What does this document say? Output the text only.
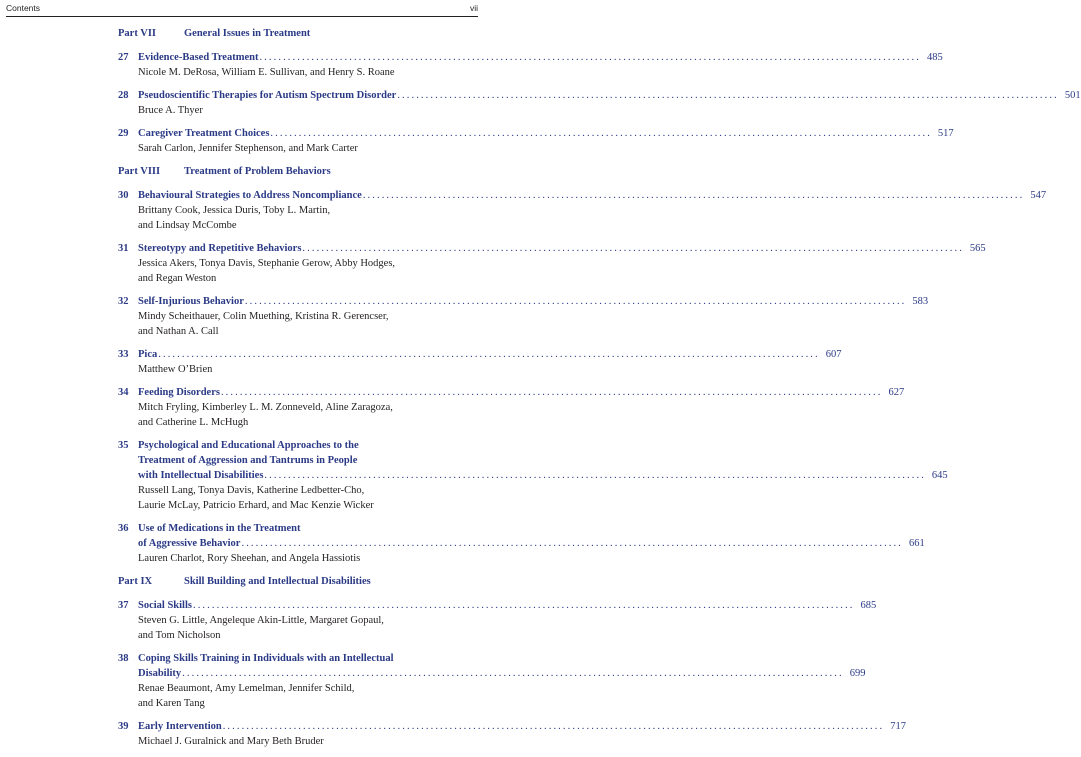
Contents	vii
Part VII	General Issues in Treatment
27 Evidence-Based Treatment ............................................................................................................................................ 485
Nicole M. DeRosa, William E. Sullivan, and Henry S. Roane
28 Pseudoscientific Therapies for Autism Spectrum Disorder ............................................................................................................................................ 501
Bruce A. Thyer
29 Caregiver Treatment Choices ............................................................................................................................................ 517
Sarah Carlon, Jennifer Stephenson, and Mark Carter
Part VIII Treatment of Problem Behaviors
30 Behavioural Strategies to Address Noncompliance ............................................................................................................................................ 547
Brittany Cook, Jessica Duris, Toby L. Martin,
and Lindsay McCombe
31 Stereotypy and Repetitive Behaviors ............................................................................................................................................ 565
Jessica Akers, Tonya Davis, Stephanie Gerow, Abby Hodges,
and Regan Weston
32 Self-Injurious Behavior ............................................................................................................................................ 583
Mindy Scheithauer, Colin Muething, Kristina R. Gerencser,
and Nathan A. Call
33 Pica ............................................................................................................................................ 607
Matthew O’Brien
34 Feeding Disorders ............................................................................................................................................ 627
Mitch Fryling, Kimberley L. M. Zonneveld, Aline Zaragoza,
and Catherine L. McHugh
35 Psychological and Educational Approaches to the
Treatment of Aggression and Tantrums in People
with Intellectual Disabilities ............................................................................................................................................ 645
Russell Lang, Tonya Davis, Katherine Ledbetter-Cho,
Laurie McLay, Patricio Erhard, and Mac Kenzie Wicker
36 Use of Medications in the Treatment
of Aggressive Behavior ............................................................................................................................................ 661
Lauren Charlot, Rory Sheehan, and Angela Hassiotis
Part IX	Skill Building and Intellectual Disabilities
37 Social Skills ............................................................................................................................................ 685
Steven G. Little, Angeleque Akin-Little, Margaret Gopaul,
and Tom Nicholson
38 Coping Skills Training in Individuals with an Intellectual
Disability ............................................................................................................................................ 699
Renae Beaumont, Amy Lemelman, Jennifer Schild,
and Karen Tang
39 Early Intervention ............................................................................................................................................ 717
Michael J. Guralnick and Mary Beth Bruder
